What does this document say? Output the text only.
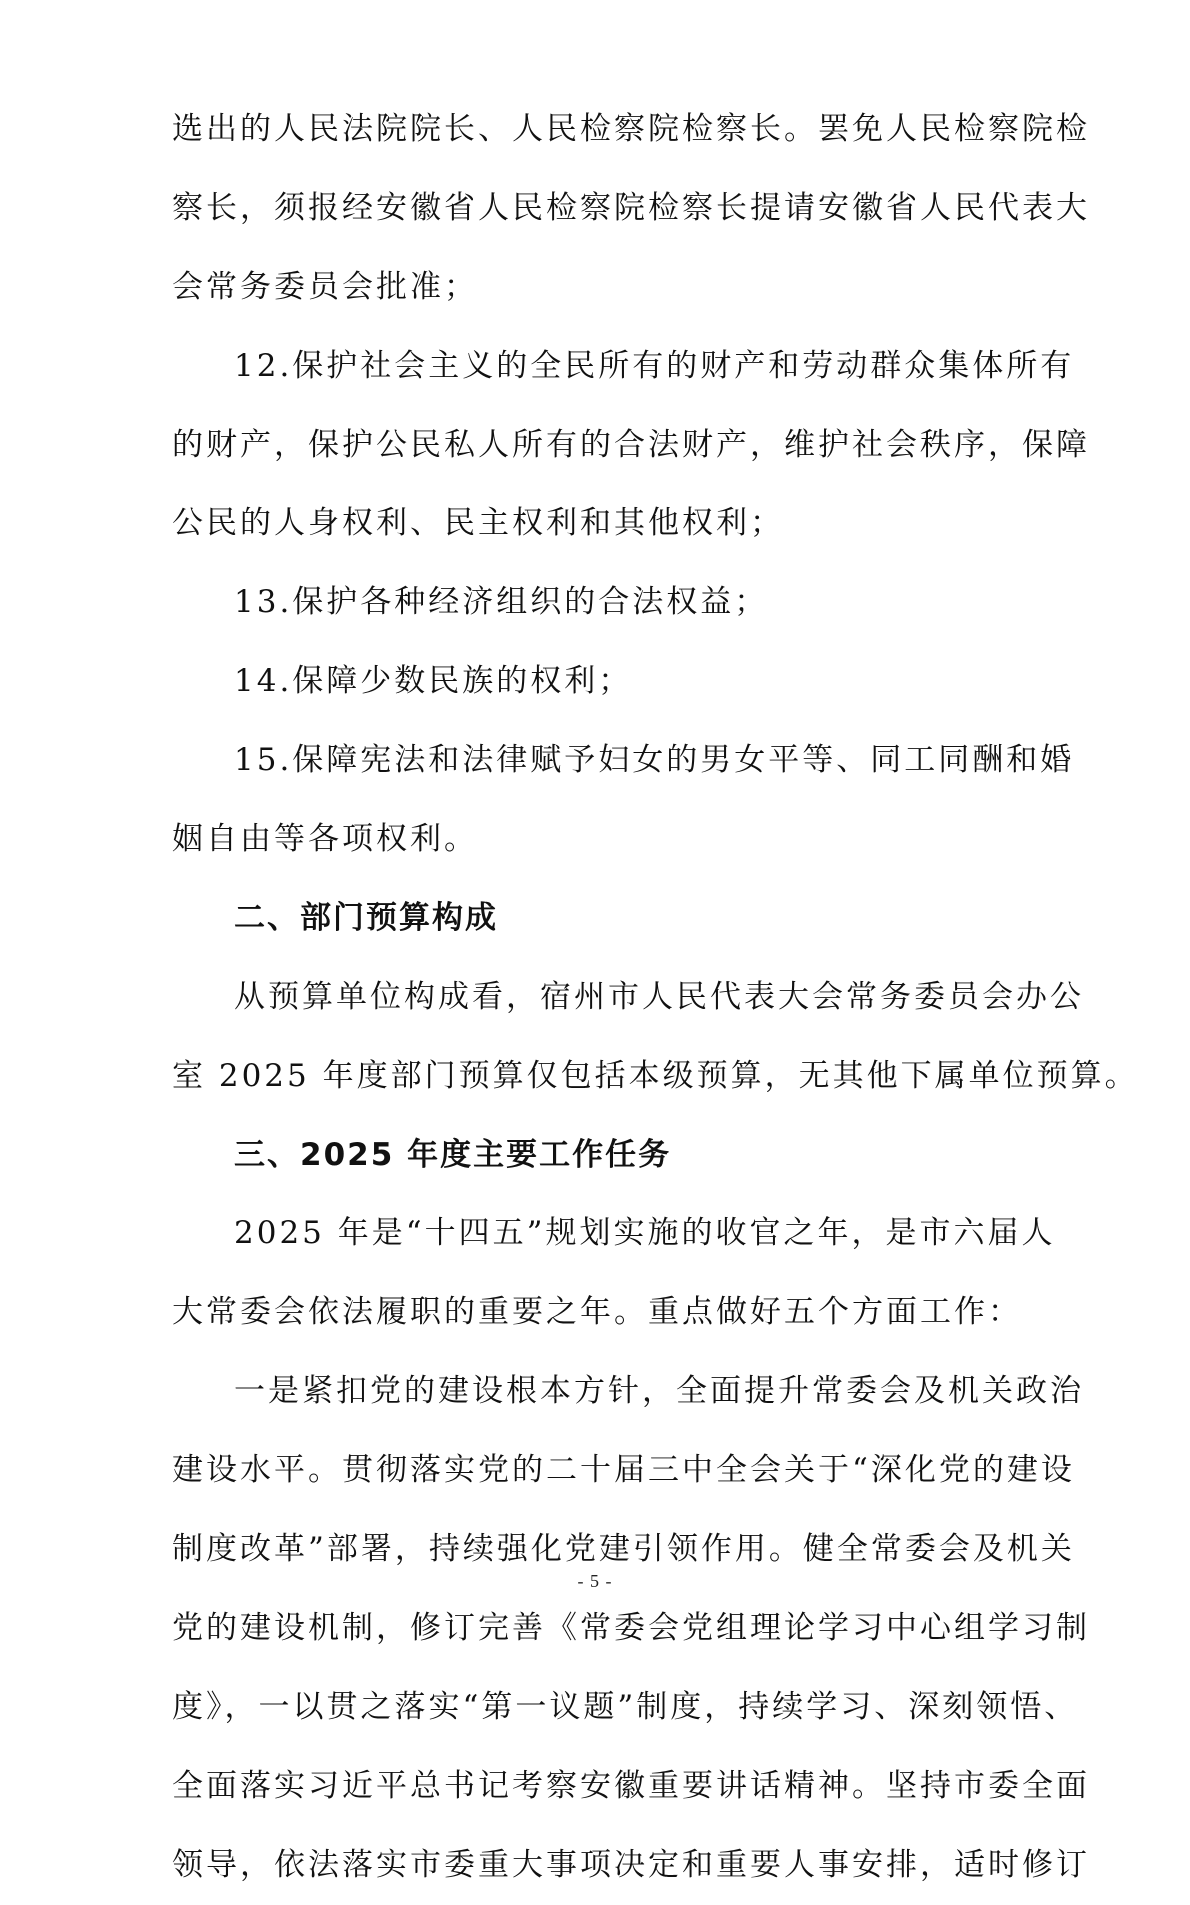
选出的人民法院院长、人民检察院检察长。罢免人民检察院检
察长，须报经安徽省人民检察院检察长提请安徽省人民代表大
会常务委员会批准；
12.保护社会主义的全民所有的财产和劳动群众集体所有
的财产，保护公民私人所有的合法财产，维护社会秩序，保障
公民的人身权利、民主权利和其他权利；
13.保护各种经济组织的合法权益；
14.保障少数民族的权利；
15.保障宪法和法律赋予妇女的男女平等、同工同酬和婚
姻自由等各项权利。
二、部门预算构成
从预算单位构成看，宿州市人民代表大会常务委员会办公
室 2025 年度部门预算仅包括本级预算，无其他下属单位预算。
三、2025 年度主要工作任务
2025 年是“十四五”规划实施的收官之年，是市六届人
大常委会依法履职的重要之年。重点做好五个方面工作：
一是紧扣党的建设根本方针，全面提升常委会及机关政治
建设水平。贯彻落实党的二十届三中全会关于“深化党的建设
制度改革”部署，持续强化党建引领作用。健全常委会及机关
党的建设机制，修订完善《常委会党组理论学习中心组学习制
度》，一以贯之落实“第一议题”制度，持续学习、深刻领悟、
全面落实习近平总书记考察安徽重要讲话精神。坚持市委全面
领导，依法落实市委重大事项决定和重要人事安排，适时修订
- 5 -
